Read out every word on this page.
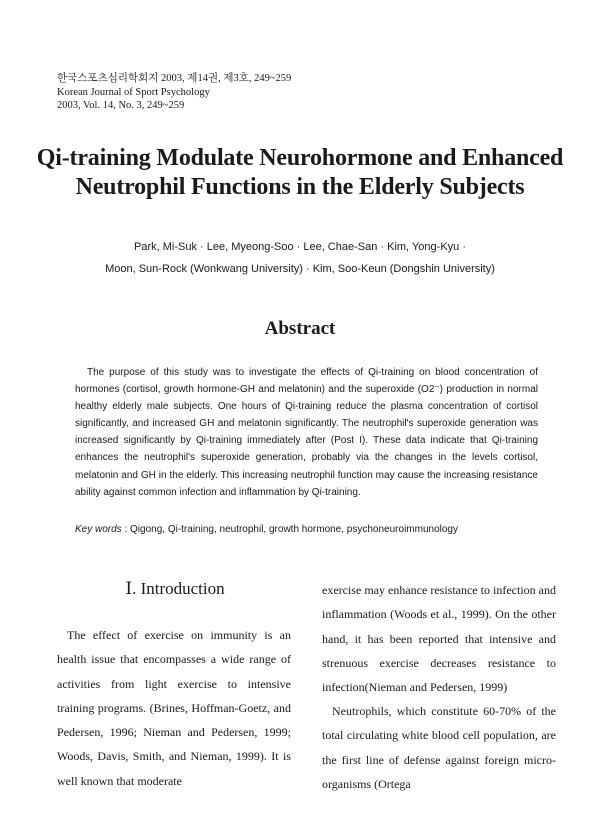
한국스포츠심리학회지 2003, 제14권, 제3호, 249~259
Korean Journal of Sport Psychology
2003, Vol. 14, No. 3, 249~259
Qi-training Modulate Neurohormone and Enhanced
Neutrophil Functions in the Elderly Subjects
Park, Mi-Suk · Lee, Myeong-Soo · Lee, Chae-San · Kim, Yong-Kyu ·
Moon, Sun-Rock (Wonkwang University) · Kim, Soo-Keun (Dongshin University)
Abstract

The purpose of this study was to investigate the effects of Qi-training on blood concentration of hormones (cortisol, growth hormone-GH and melatonin) and the superoxide (O2⁻) production in normal healthy elderly male subjects. One hours of Qi-training reduce the plasma concentration of cortisol significantly, and increased GH and melatonin significantly. The neutrophil's superoxide generation was increased significantly by Qi-training immediately after (Post I). These data indicate that Qi-training enhances the neutrophil's superoxide generation, probably via the changes in the levels cortisol, melatonin and GH in the elderly. This increasing neutrophil function may cause the increasing resistance ability against common infection and inflammation by Qi-training.

Key words : Qigong, Qi-training, neutrophil, growth hormone, psychoneuroimmunology
Ⅰ. Introduction

The effect of exercise on immunity is an health issue that encompasses a wide range of activities from light exercise to intensive training programs. (Brines, Hoffman-Goetz, and Pedersen, 1996; Nieman and Pedersen, 1999; Woods, Davis, Smith, and Nieman, 1999). It is well known that moderate

exercise may enhance resistance to infection and inflammation (Woods et al., 1999). On the other hand, it has been reported that intensive and strenuous exercise decreases resistance to infection(Nieman and Pedersen, 1999)

Neutrophils, which constitute 60-70% of the total circulating white blood cell population, are the first line of defense against foreign micro-organisms (Ortega
